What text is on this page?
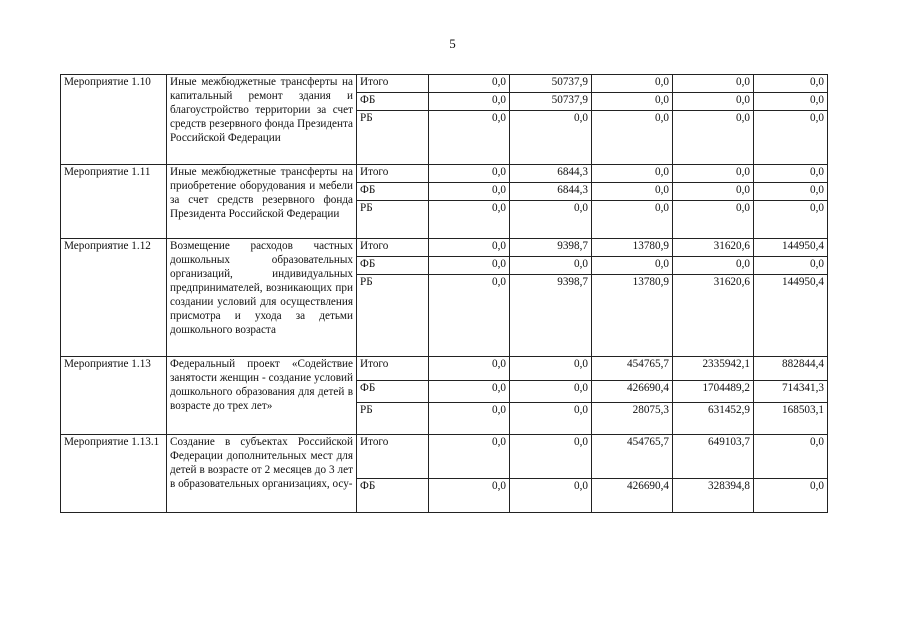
5
Мероприятие 1.10	Иные межбюджетные трансферты на капитальный ремонт здания и благоустройство территории за счет средств резервного фонда Президента Российской Федерации	Итого	0,0	50737,9	0,0	0,0	0,0
		ФБ	0,0	50737,9	0,0	0,0	0,0
		РБ	0,0	0,0	0,0	0,0	0,0
Мероприятие 1.11	Иные межбюджетные трансферты на приобретение оборудования и мебели за счет средств резервного фонда Президента Российской Федерации	Итого	0,0	6844,3	0,0	0,0	0,0
		ФБ	0,0	6844,3	0,0	0,0	0,0
		РБ	0,0	0,0	0,0	0,0	0,0
Мероприятие 1.12	Возмещение расходов частных дошкольных образовательных организаций, индивидуальных предпринимателей, возникающих при создании условий для осуществления присмотра и ухода за детьми дошкольного возраста	Итого	0,0	9398,7	13780,9	31620,6	144950,4
		ФБ	0,0	0,0	0,0	0,0	0,0
		РБ	0,0	9398,7	13780,9	31620,6	144950,4
Мероприятие 1.13	Федеральный проект «Содействие занятости женщин - создание условий дошкольного образования для детей в возрасте до трех лет»	Итого	0,0	0,0	454765,7	2335942,1	882844,4
		ФБ	0,0	0,0	426690,4	1704489,2	714341,3
		РБ	0,0	0,0	28075,3	631452,9	168503,1
Мероприятие 1.13.1	Создание в субъектах Российской Федерации дополнительных мест для детей в возрасте от 2 месяцев до 3 лет в образовательных организациях, осу-	Итого	0,0	0,0	454765,7	649103,7	0,0
		ФБ	0,0	0,0	426690,4	328394,8	0,0
